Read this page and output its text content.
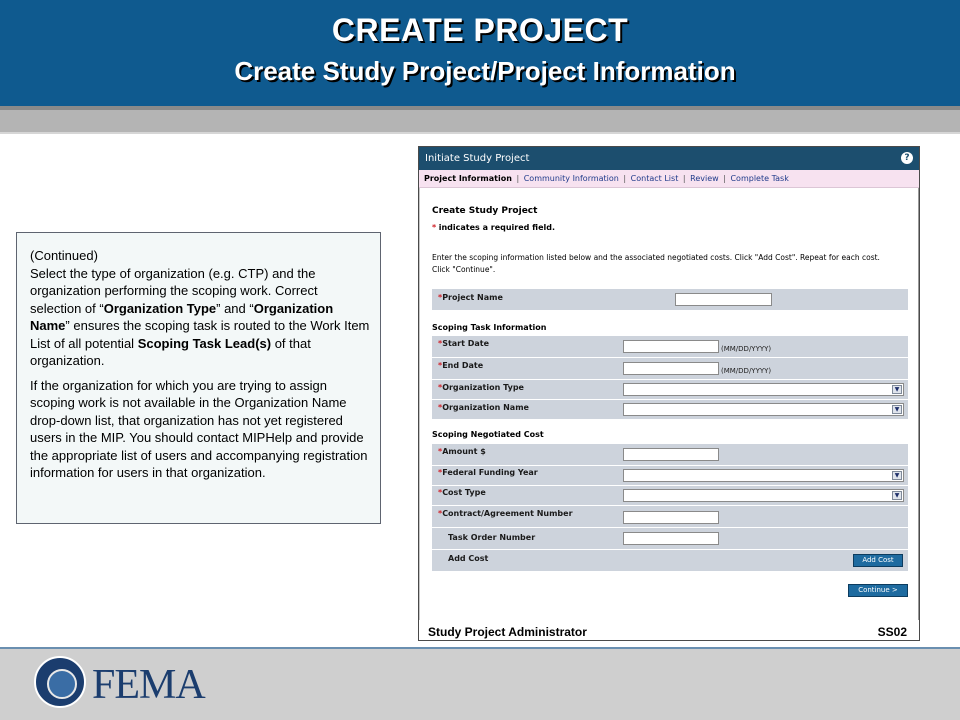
CREATE PROJECT
Create Study Project/Project Information

(Continued)
Select the type of organization (e.g. CTP) and the organization performing the scoping work. Correct selection of “Organization Type” and “Organization Name” ensures the scoping task is routed to the Work Item List of all potential Scoping Task Lead(s) of that organization.

If the organization for which you are trying to assign scoping work is not available in the Organization Name drop-down list, that organization has not yet registered users in the MIP. You should contact MIPHelp and provide the appropriate list of users and accompanying registration information for users in that organization.

Initiate Study Project	?
Project Information | Community Information | Contact List | Review | Complete Task
Create Study Project
* indicates a required field.
Enter the scoping information listed below and the associated negotiated costs. Click "Add Cost". Repeat for each cost.
Click "Continue".
*Project Name
Scoping Task Information
*Start Date
(MM/DD/YYYY)
*End Date
(MM/DD/YYYY)
*Organization Type	▼
*Organization Name	▼
Scoping Negotiated Cost
*Amount $
*Federal Funding Year	▼
*Cost Type	▼
*Contract/Agreement Number
Task Order Number
Add Cost	Add Cost
Continue >
Study Project Administrator	SS02
FEMA
